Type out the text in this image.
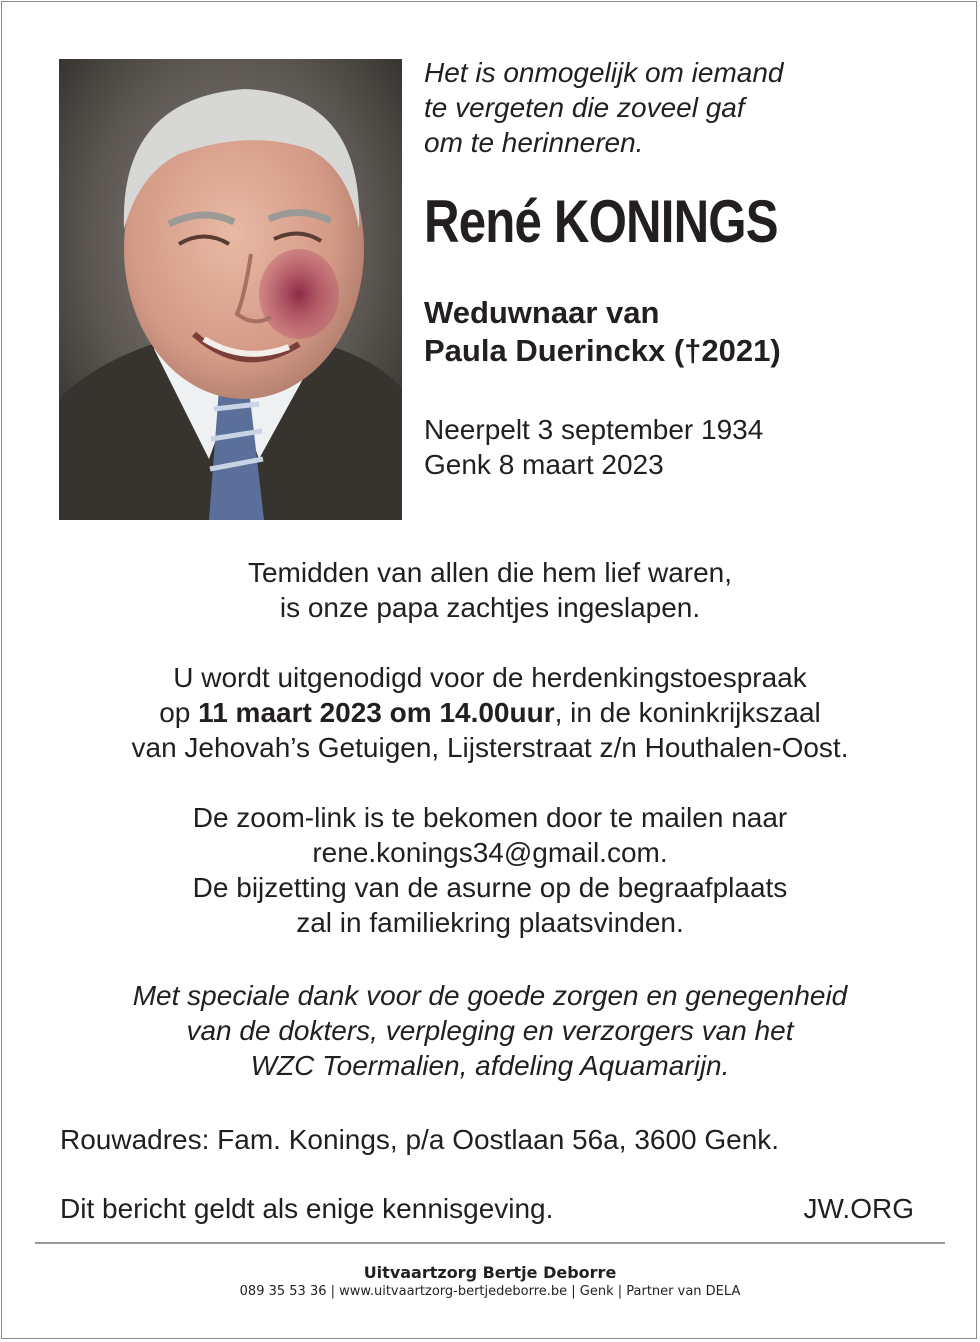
Het is onmogelijk om iemand
te vergeten die zoveel gaf
om te herinneren.
René KONINGS
Weduwnaar van
Paula Duerinckx (†2021)
Neerpelt 3 september 1934
Genk 8 maart 2023
Temidden van allen die hem lief waren,
is onze papa zachtjes ingeslapen.
U wordt uitgenodigd voor de herdenkingstoespraak
op 11 maart 2023 om 14.00uur, in de koninkrijkszaal
van Jehovah’s Getuigen, Lijsterstraat z/n Houthalen-Oost.
De zoom-link is te bekomen door te mailen naar
rene.konings34@gmail.com.
De bijzetting van de asurne op de begraafplaats
zal in familiekring plaatsvinden.
Met speciale dank voor de goede zorgen en genegenheid
van de dokters, verpleging en verzorgers van het
WZC Toermalien, afdeling Aquamarijn.
Rouwadres: Fam. Konings, p/a Oostlaan 56a, 3600 Genk.
Dit bericht geldt als enige kennisgeving.	JW.ORG
Uitvaartzorg Bertje Deborre
089 35 53 36 | www.uitvaartzorg-bertjedeborre.be | Genk | Partner van DELA
